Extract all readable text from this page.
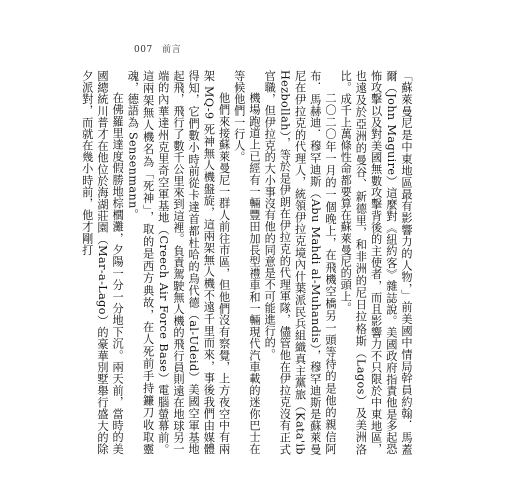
007 前言

「蘇萊曼尼是中東地區最有影響力的人物，」前美國中情局幹員約翰．馬蓋爾（John Maguire）這麼對《紐約客》雜誌說。美國政府指責他是多起恐怖攻擊以及對美國無數攻擊背後的主使者，而且影響力不只限於中東地區，也遠及於亞洲的曼谷、新德里，和非洲的尼日拉格斯（Lagos）及美洲洛比。成千上萬條性命都要算在蘇萊曼尼的頭上。

二〇二〇年一月的一個晚上，在飛機空橋另一頭等待的是他的親信阿布．馬赫迪．穆罕迪斯（Abu Mahdi al-Muhandis），穆罕迪斯是蘇萊曼尼在伊拉克的代理人，統領伊拉克境內什葉派民兵組織真主黨旅（Kata'ib Hezbollah），等於是伊朗在伊拉克的代理軍隊，儘管他在伊拉克沒有正式官職，但伊拉克的大小事沒有他的同意是不可能進行的。

機場跑道上已經有一輛豐田加長型禮車和一輛現代汽車載的迷你巴士在等候他們一行人。

他們來接蘇萊曼尼一群人前往市區，但他們沒有察覺，上方夜空中有兩架 MQ-9 死神無人機盤旋，這兩架無人機不遠千里而來，事後我們由媒體得知，它們數小時前從卡達首都杜哈的烏代德（al-Udeid）美國空軍基地起飛，飛行了數千公里來到這裡。負責駕駛無人機的飛行員則遠在地球另一端的內華達州克里奇空軍基地（Creech Air Force Base）電腦螢幕前。這兩架無人機名為「死神」，取的是西方典故，在人死前手持鐮刀收取靈魂，德語為 Sensenmann。

在佛羅里達度假勝地棕櫚灘，夕陽一分一分地下沉。兩天前，當時的美國總統川普才在他位於海湖莊園（Mar-a-Lago）的豪華別墅舉行盛大的除夕派對，而就在幾小時前，他才剛打
